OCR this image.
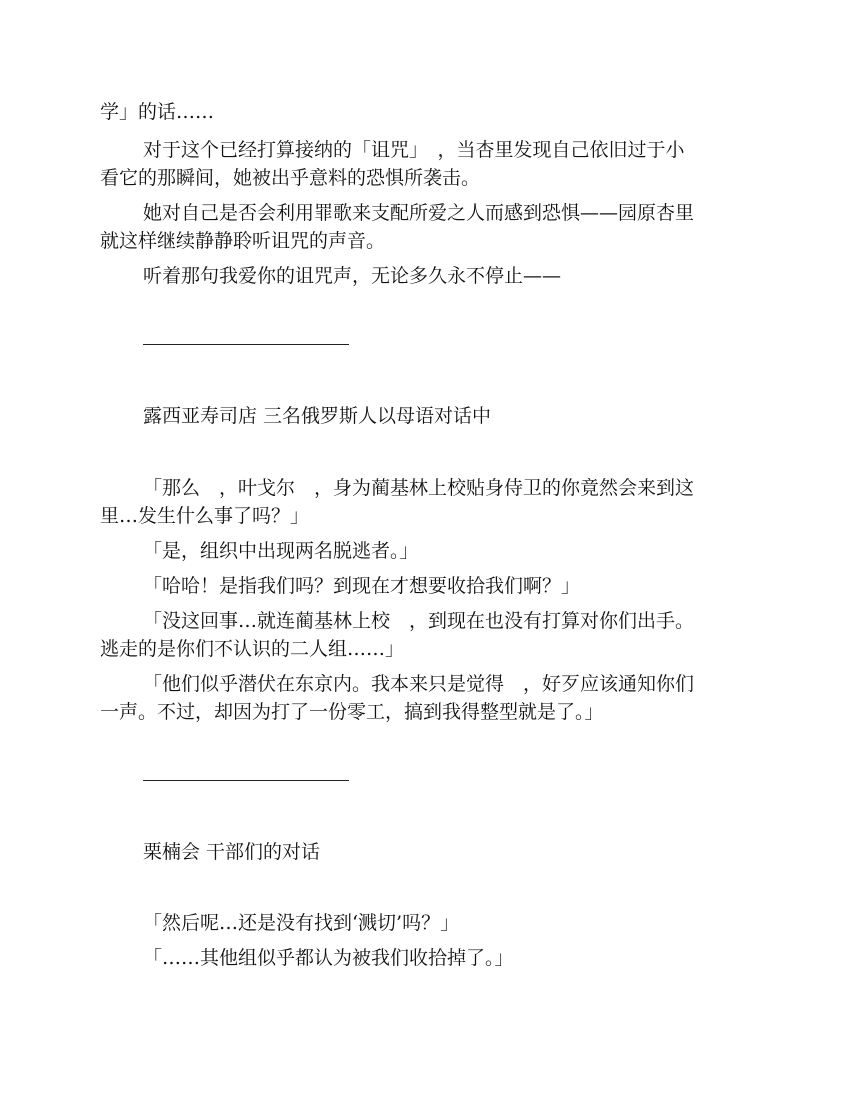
学」的话……
对于这个已经打算接纳的「诅咒」　，当杏里发现自己依旧过于小
看它的那瞬间，她被出乎意料的恐惧所袭击。
她对自己是否会利用罪歌来支配所爱之人而感到恐惧——园原杏里
就这样继续静静聆听诅咒的声音。
听着那句我爱你的诅咒声，无论多久永不停止——
露西亚寿司店 三名俄罗斯人以母语对话中
「那么　，叶戈尔　，身为蔺基林上校贴身侍卫的你竟然会来到这
里…发生什么事了吗？」
「是，组织中出现两名脱逃者。」
「哈哈！是指我们吗？到现在才想要收拾我们啊？」
「没这回事…就连蔺基林上校　，到现在也没有打算对你们出手。
逃走的是你们不认识的二人组……」
「他们似乎潜伏在东京内。我本来只是觉得　，好歹应该通知你们
一声。不过，却因为打了一份零工，搞到我得整型就是了。」
栗楠会 干部们的对话
「然后呢…还是没有找到‘溅切’吗？」
「……其他组似乎都认为被我们收拾掉了。」
